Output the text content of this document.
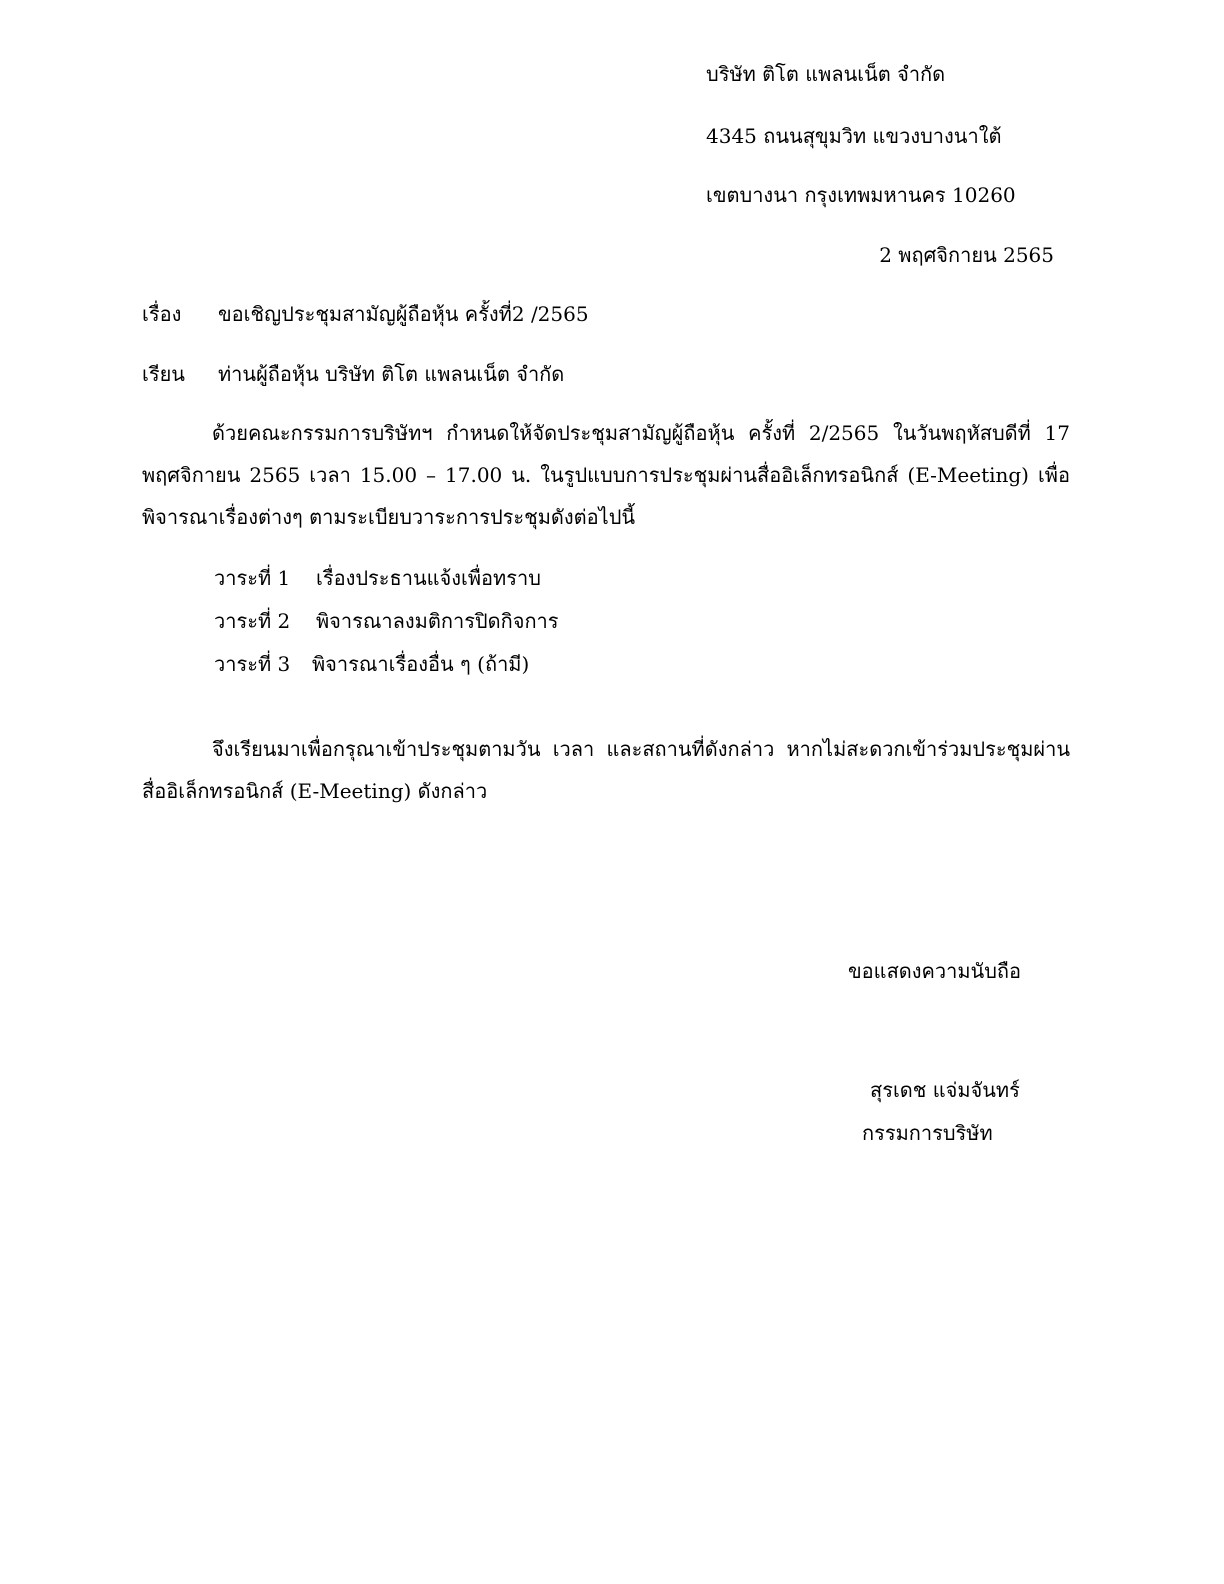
บริษัท ติโต แพลนเน็ต จำกัด
4345 ถนนสุขุมวิท แขวงบางนาใต้
เขตบางนา กรุงเทพมหานคร 10260
2 พฤศจิกายน 2565
เรื่อง ขอเชิญประชุมสามัญผู้ถือหุ้น ครั้งที่2 /2565
เรียน ท่านผู้ถือหุ้น บริษัท ติโต แพลนเน็ต จำกัด
ด้วยคณะกรรมการบริษัทฯ กำหนดให้จัดประชุมสามัญผู้ถือหุ้น ครั้งที่ 2/2565 ในวันพฤหัสบดีที่ 17 พฤศจิกายน 2565 เวลา 15.00 – 17.00 น. ในรูปแบบการประชุมผ่านสื่ออิเล็กทรอนิกส์ (E-Meeting) เพื่อพิจารณาเรื่องต่างๆ ตามระเบียบวาระการประชุมดังต่อไปนี้
วาระที่ 1 เรื่องประธานแจ้งเพื่อทราบ
วาระที่ 2 พิจารณาลงมติการปิดกิจการ
วาระที่ 3 พิจารณาเรื่องอื่น ๆ (ถ้ามี)
จึงเรียนมาเพื่อกรุณาเข้าประชุมตามวัน เวลา และสถานที่ดังกล่าว หากไม่สะดวกเข้าร่วมประชุมผ่านสื่ออิเล็กทรอนิกส์ (E-Meeting) ดังกล่าว
ขอแสดงความนับถือ
สุรเดช แจ่มจันทร์
กรรมการบริษัท
